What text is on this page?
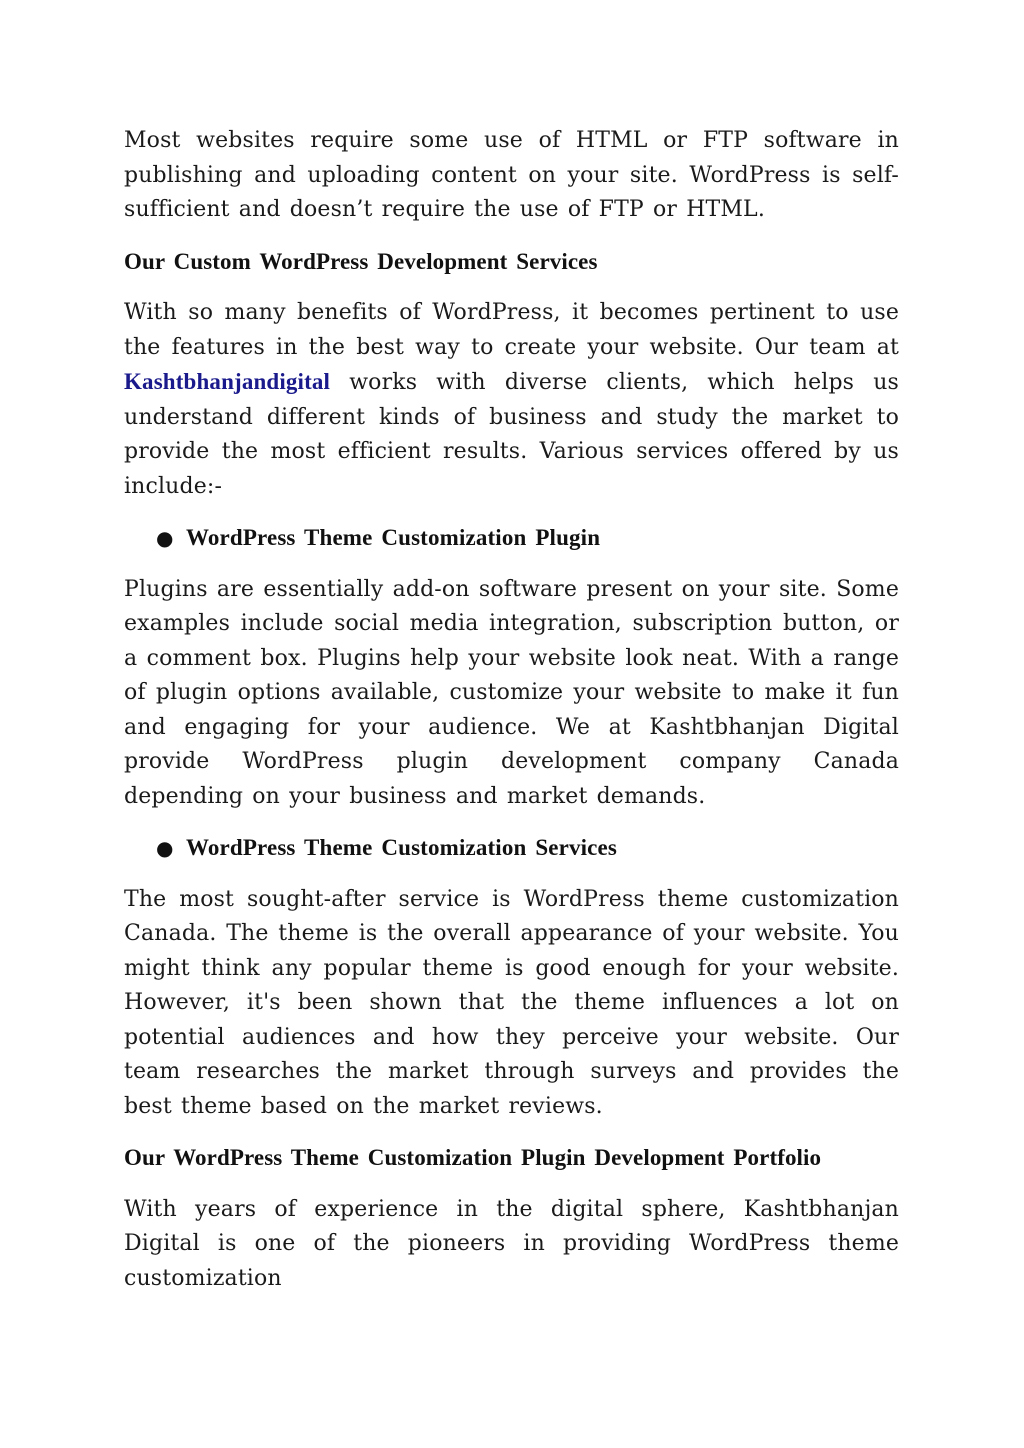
Most websites require some use of HTML or FTP software in publishing and uploading content on your site. WordPress is self-sufficient and doesn’t require the use of FTP or HTML.

Our Custom WordPress Development Services

With so many benefits of WordPress, it becomes pertinent to use the features in the best way to create your website. Our team at Kashtbhanjandigital works with diverse clients, which helps us understand different kinds of business and study the market to provide the most efficient results. Various services offered by us include:-

● WordPress Theme Customization Plugin

Plugins are essentially add-on software present on your site. Some examples include social media integration, subscription button, or a comment box. Plugins help your website look neat. With a range of plugin options available, customize your website to make it fun and engaging for your audience. We at Kashtbhanjan Digital provide WordPress plugin development company Canada depending on your business and market demands.

● WordPress Theme Customization Services

The most sought-after service is WordPress theme customization Canada. The theme is the overall appearance of your website. You might think any popular theme is good enough for your website. However, it's been shown that the theme influences a lot on potential audiences and how they perceive your website. Our team researches the market through surveys and provides the best theme based on the market reviews.

Our WordPress Theme Customization Plugin Development Portfolio

With years of experience in the digital sphere, Kashtbhanjan Digital is one of the pioneers in providing WordPress theme customization
